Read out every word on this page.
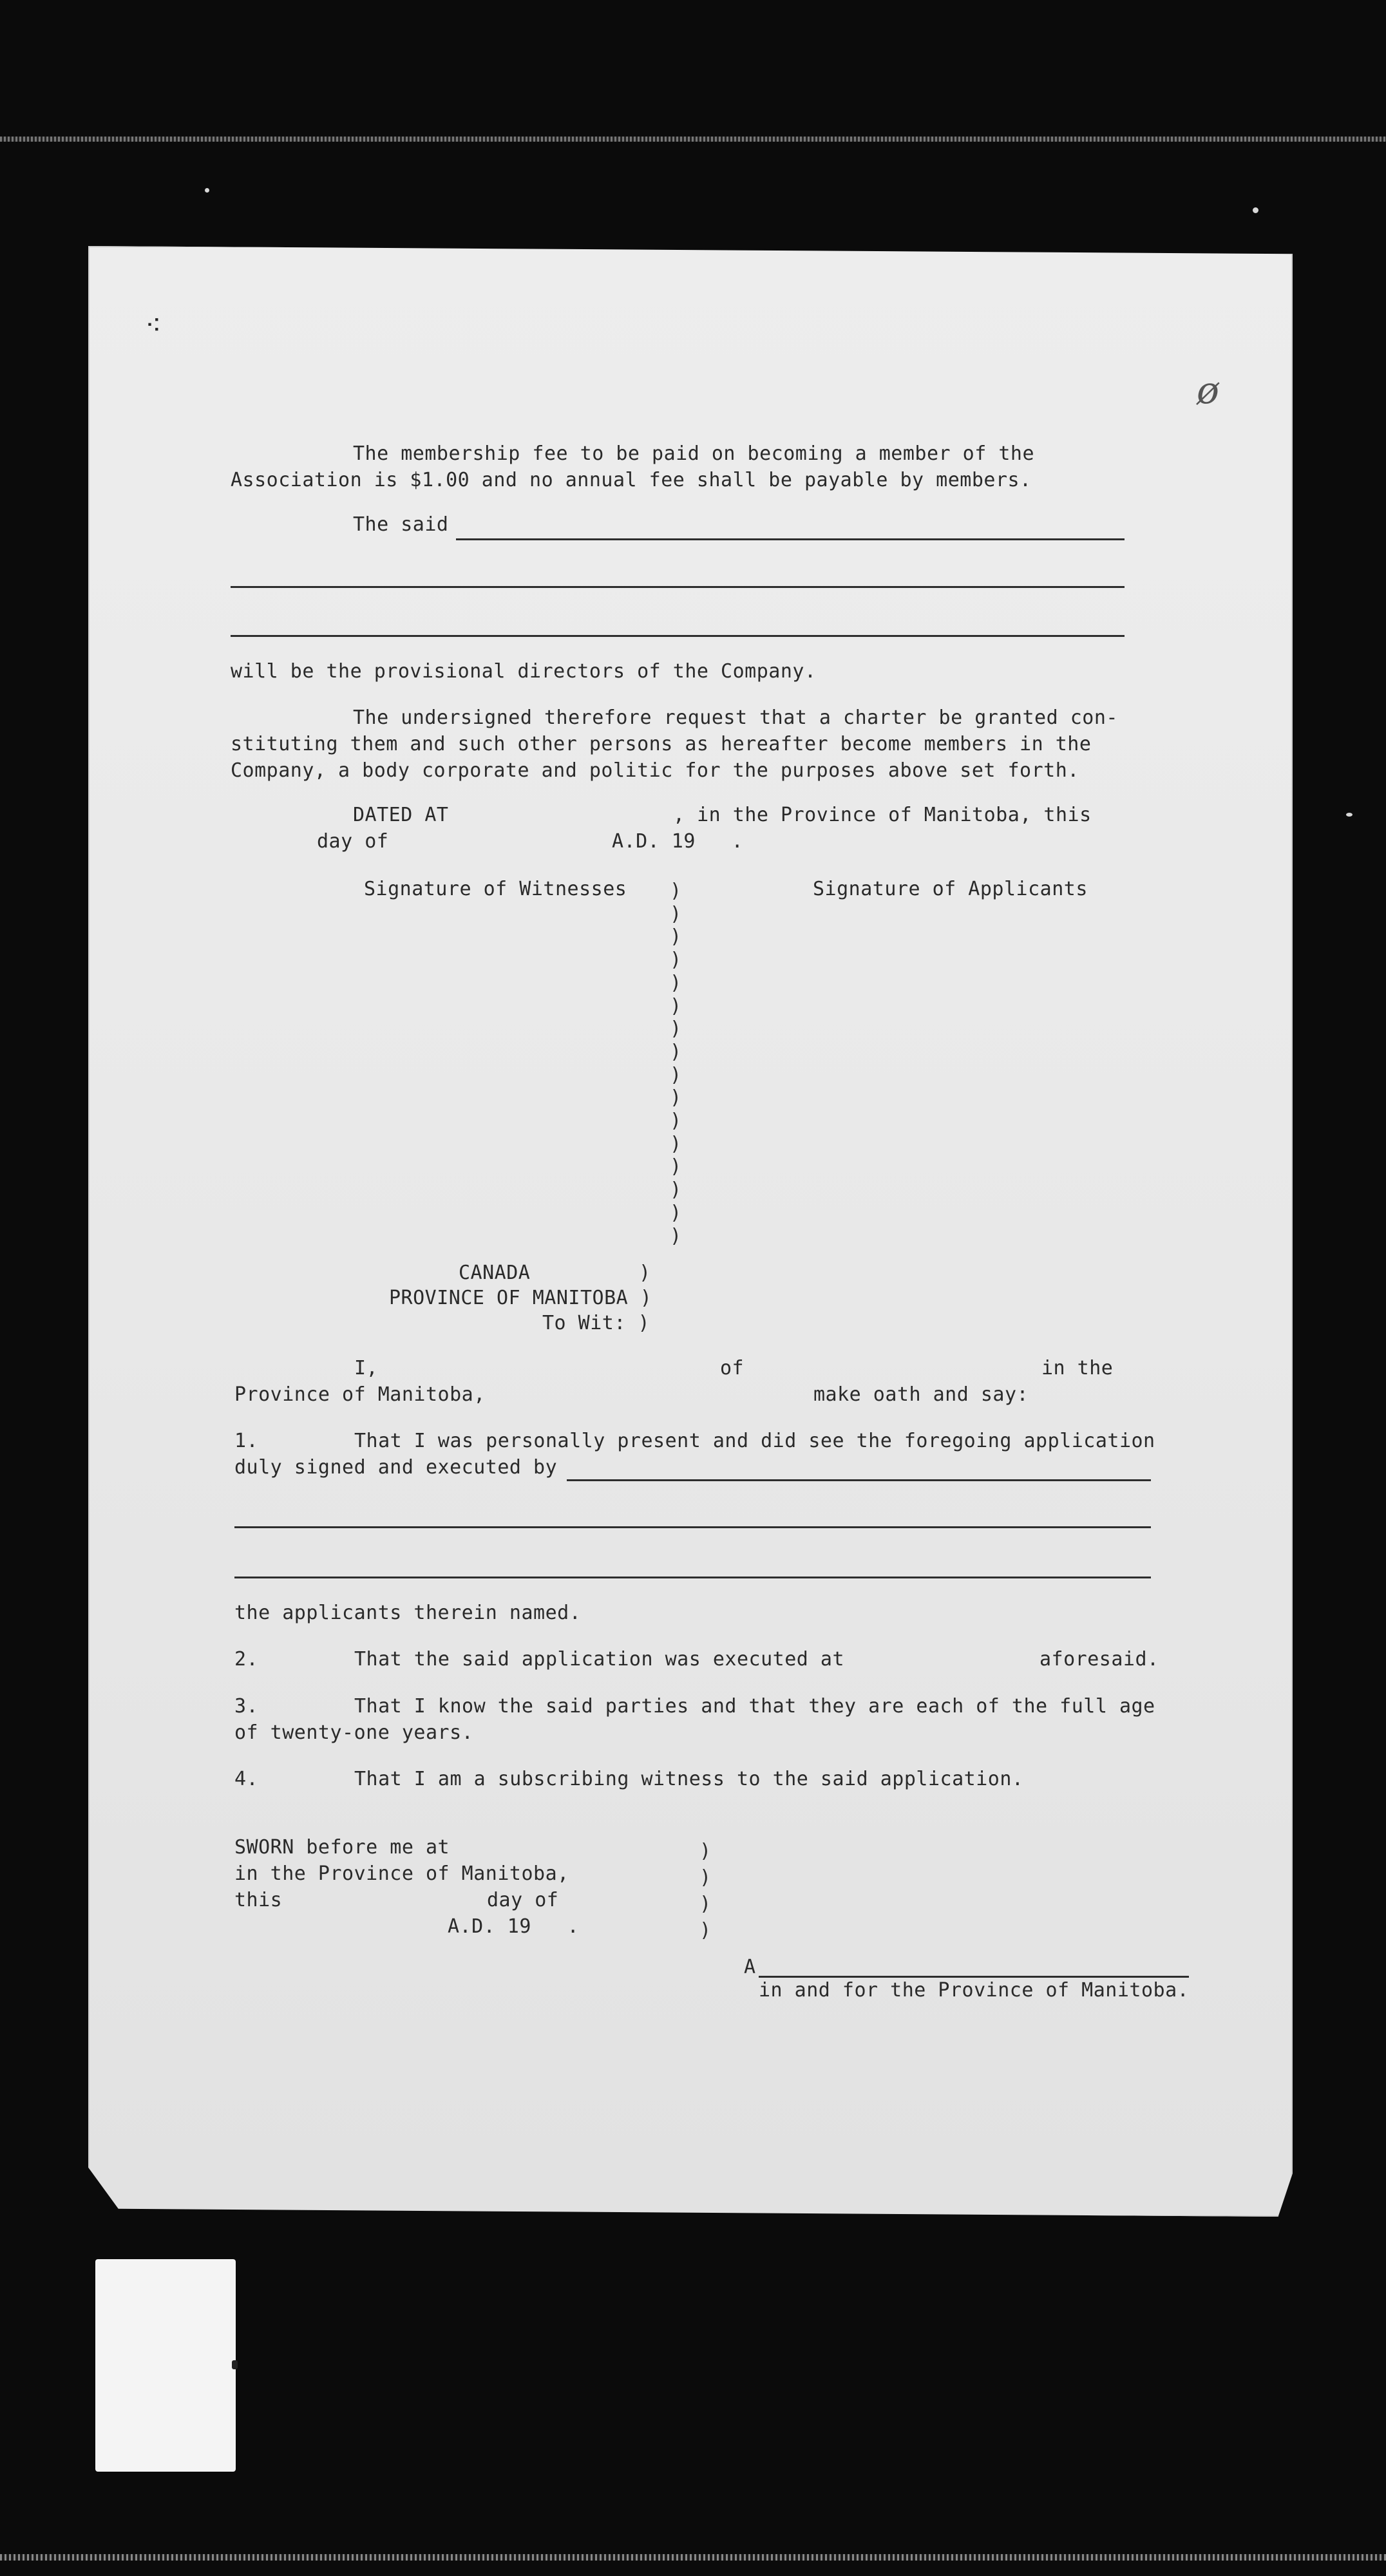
⁖
ø
The membership fee to be paid on becoming a member of the
Association is $1.00 and no annual fee shall be payable by members.
The said
will be the provisional directors of the Company.
The undersigned therefore request that a charter be granted con-
stituting them and such other persons as hereafter become members in the
Company, a body corporate and politic for the purposes above set forth.
DATED AT	, in the Province of Manitoba, this
day of	A.D. 19   .
Signature of Witnesses	Signature of Applicants
)
)
)
)
)
)
)
)
)
)
)
)
)
)
)
)
CANADA	)
PROVINCE OF MANITOBA )
To Wit: )
I,	of	in the
Province of Manitoba,	make oath and say:
1.	That I was personally present and did see the foregoing application
duly signed and executed by
the applicants therein named.
2.	That the said application was executed at	aforesaid.
3.	That I know the said parties and that they are each of the full age
of twenty-one years.
4.	That I am a subscribing witness to the said application.
SWORN before me at
in the Province of Manitoba,
this	day of
A.D. 19   .
)
)
)
)
A
in and for the Province of Manitoba.
